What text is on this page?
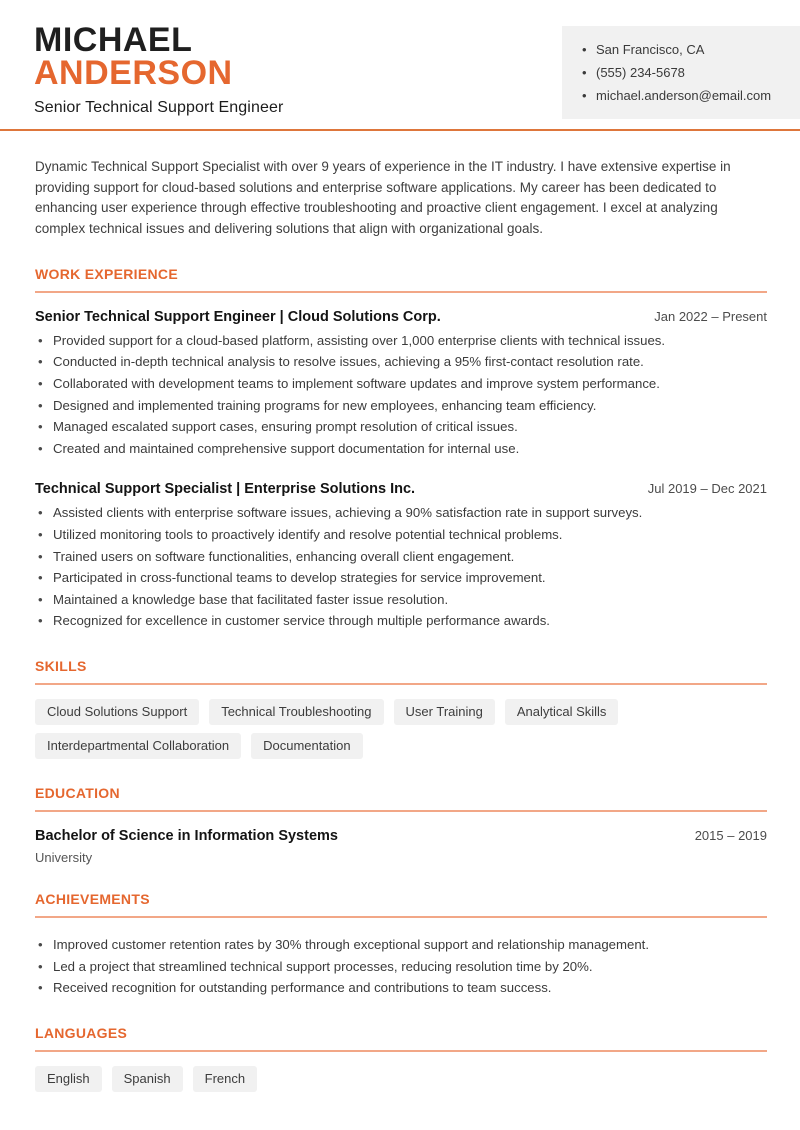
MICHAEL
ANDERSON
Senior Technical Support Engineer
• San Francisco, CA
• (555) 234-5678
• michael.anderson@email.com

Dynamic Technical Support Specialist with over 9 years of experience in the IT industry. I have extensive expertise in providing support for cloud-based solutions and enterprise software applications. My career has been dedicated to enhancing user experience through effective troubleshooting and proactive client engagement. I excel at analyzing complex technical issues and delivering solutions that align with organizational goals.

WORK EXPERIENCE
Senior Technical Support Engineer | Cloud Solutions Corp.	Jan 2022 – Present
• Provided support for a cloud-based platform, assisting over 1,000 enterprise clients with technical issues.
• Conducted in-depth technical analysis to resolve issues, achieving a 95% first-contact resolution rate.
• Collaborated with development teams to implement software updates and improve system performance.
• Designed and implemented training programs for new employees, enhancing team efficiency.
• Managed escalated support cases, ensuring prompt resolution of critical issues.
• Created and maintained comprehensive support documentation for internal use.
Technical Support Specialist | Enterprise Solutions Inc.	Jul 2019 – Dec 2021
• Assisted clients with enterprise software issues, achieving a 90% satisfaction rate in support surveys.
• Utilized monitoring tools to proactively identify and resolve potential technical problems.
• Trained users on software functionalities, enhancing overall client engagement.
• Participated in cross-functional teams to develop strategies for service improvement.
• Maintained a knowledge base that facilitated faster issue resolution.
• Recognized for excellence in customer service through multiple performance awards.
SKILLS
Cloud Solutions Support	Technical Troubleshooting	User Training	Analytical Skills
Interdepartmental Collaboration	Documentation
EDUCATION
Bachelor of Science in Information Systems	2015 – 2019
University
ACHIEVEMENTS
• Improved customer retention rates by 30% through exceptional support and relationship management.
• Led a project that streamlined technical support processes, reducing resolution time by 20%.
• Received recognition for outstanding performance and contributions to team success.
LANGUAGES
English	Spanish	French
